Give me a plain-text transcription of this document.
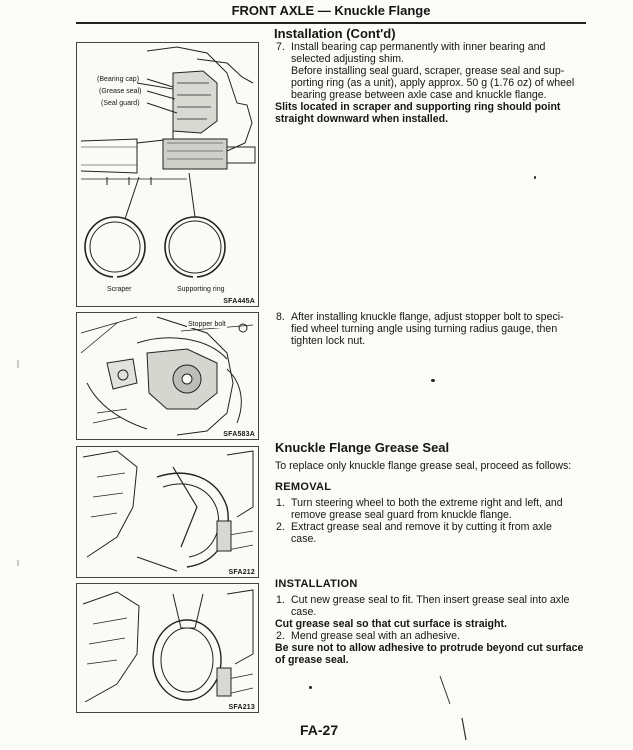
FRONT AXLE — Knuckle Flange
(Bearing cap)
(Grease seal)
(Seal guard)
Scraper	Supporting ring
SFA445A
Stopper bolt
SFA583A
SFA212
SFA213
Installation (Cont'd)
7. Install bearing cap permanently with inner bearing and
selected adjusting shim.
Before installing seal guard, scraper, grease seal and sup-
porting ring (as a unit), apply approx. 50 g (1.76 oz) of wheel
bearing grease between axle case and knuckle flange.
Slits located in scraper and supporting ring should point
straight downward when installed.
8. After installing knuckle flange, adjust stopper bolt to speci-
fied wheel turning angle using turning radius gauge, then
tighten lock nut.
Knuckle Flange Grease Seal
To replace only knuckle flange grease seal, proceed as follows:
REMOVAL
1. Turn steering wheel to both the extreme right and left, and
remove grease seal guard from knuckle flange.
2. Extract grease seal and remove it by cutting it from axle
case.
INSTALLATION
1. Cut new grease seal to fit. Then insert grease seal into axle
case.
Cut grease seal so that cut surface is straight.
2. Mend grease seal with an adhesive.
Be sure not to allow adhesive to protrude beyond cut surface
of grease seal.
FA-27
